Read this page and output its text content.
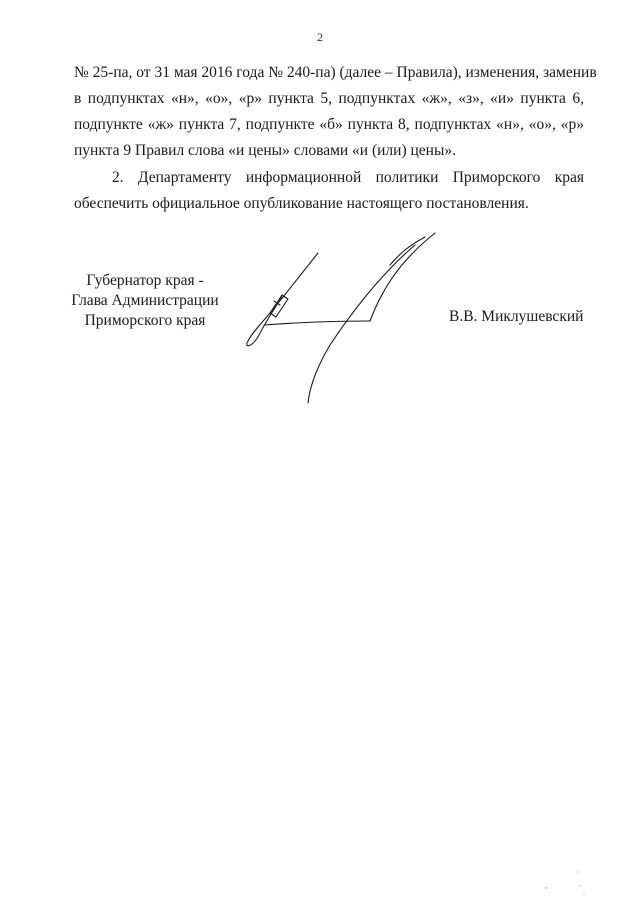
2
№ 25-па, от 31 мая 2016 года № 240-па) (далее – Правила), изменения, заменив
в подпунктах «н», «о», «р» пункта 5, подпунктах «ж», «з», «и» пункта 6,
подпункте «ж» пункта 7, подпункте «б» пункта 8, подпунктах «н», «о», «р»
пункта 9 Правил слова «и цены» словами «и (или) цены».
2. Департаменту информационной политики Приморского края
обеспечить официальное опубликование настоящего постановления.
Губернатор края -
Глава Администрации
Приморского края	В.В. Миклушевский
